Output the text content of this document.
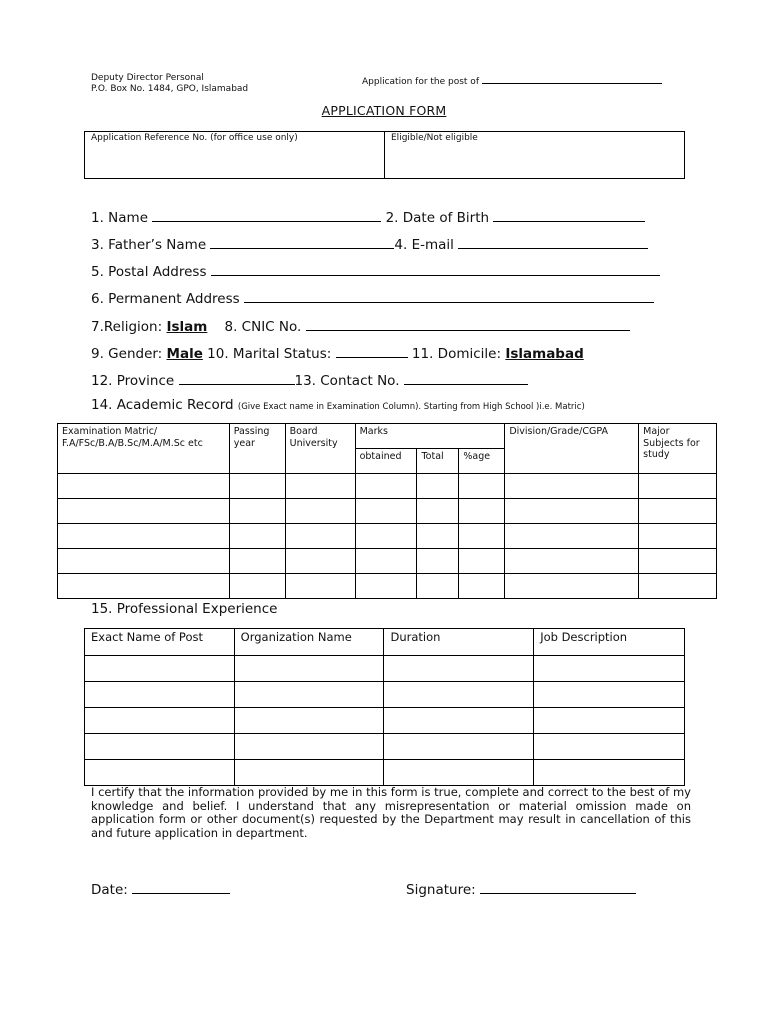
Deputy Director Personal
P.O. Box No. 1484, GPO, Islamabad
Application for the post of
APPLICATION FORM
Application Reference No. (for office use only)	Eligible/Not eligible
1. Name	2. Date of Birth
3. Father’s Name	4. E-mail
5. Postal Address
6. Permanent Address
7.Religion: Islam 8. CNIC No.
9. Gender: Male 10. Marital Status:	11. Domicile: Islamabad
12. Province	13. Contact No.
14. Academic Record (Give Exact name in Examination Column). Starting from High School )i.e. Matric)
Examination Matric/ F.A/FSc/B.A/B.Sc/M.A/M.Sc etc	Passing year	Board University	Marks			Division/Grade/CGPA	Major Subjects for study
			obtained	Total	%age		

15. Professional Experience
Exact Name of Post	Organization Name	Duration	Job Description

I certify that the information provided by me in this form is true, complete and correct to the best of my knowledge and belief. I understand that any misrepresentation or material omission made on application form or other document(s) requested by the Department may result in cancellation of this and future application in department.
Date:	Signature:
